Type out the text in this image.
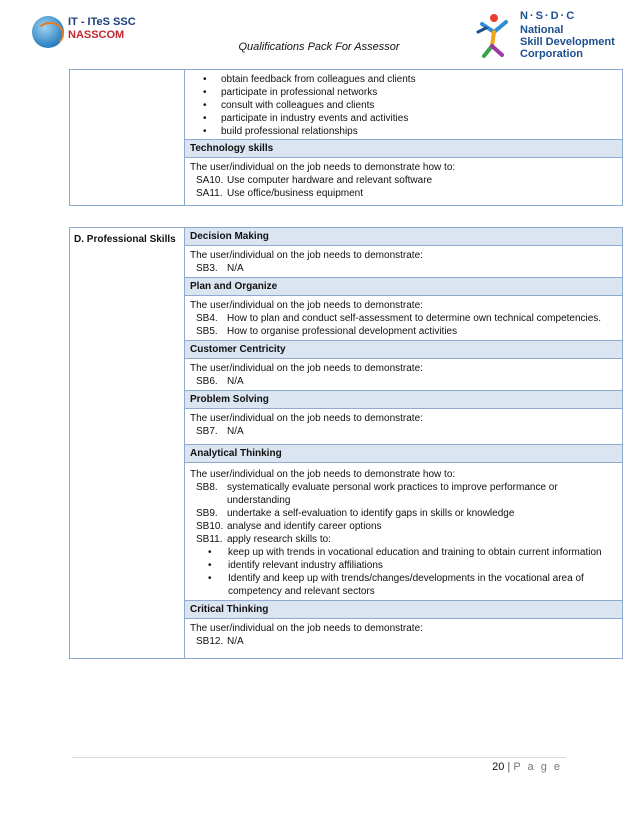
IT - ITeS SSC
NASSCOM
Qualifications Pack For Assessor
N·S·D·C
National
Skill Development
Corporation

• obtain feedback from colleagues and clients
• participate in professional networks
• consult with colleagues and clients
• participate in industry events and activities
• build professional relationships

Technology skills
The user/individual on the job needs to demonstrate how to:
SA10. Use computer hardware and relevant software
SA11. Use office/business equipment
D. Professional Skills	Decision Making
The user/individual on the job needs to demonstrate:
SB3. N/A

Plan and Organize
The user/individual on the job needs to demonstrate:
SB4. How to plan and conduct self-assessment to determine own technical competencies.
SB5. How to organise professional development activities

Customer Centricity
The user/individual on the job needs to demonstrate:
SB6. N/A

Problem Solving
The user/individual on the job needs to demonstrate:
SB7. N/A

Analytical Thinking
The user/individual on the job needs to demonstrate how to:
SB8. systematically evaluate personal work practices to improve performance or understanding
SB9. undertake a self-evaluation to identify gaps in skills or knowledge
SB10. analyse and identify career options
SB11. apply research skills to:
• keep up with trends in vocational education and training to obtain current information
• identify relevant industry affiliations
• Identify and keep up with trends/changes/developments in the vocational area of competency and relevant sectors

Critical Thinking
The user/individual on the job needs to demonstrate:
SB12. N/A
20 | P a g e
